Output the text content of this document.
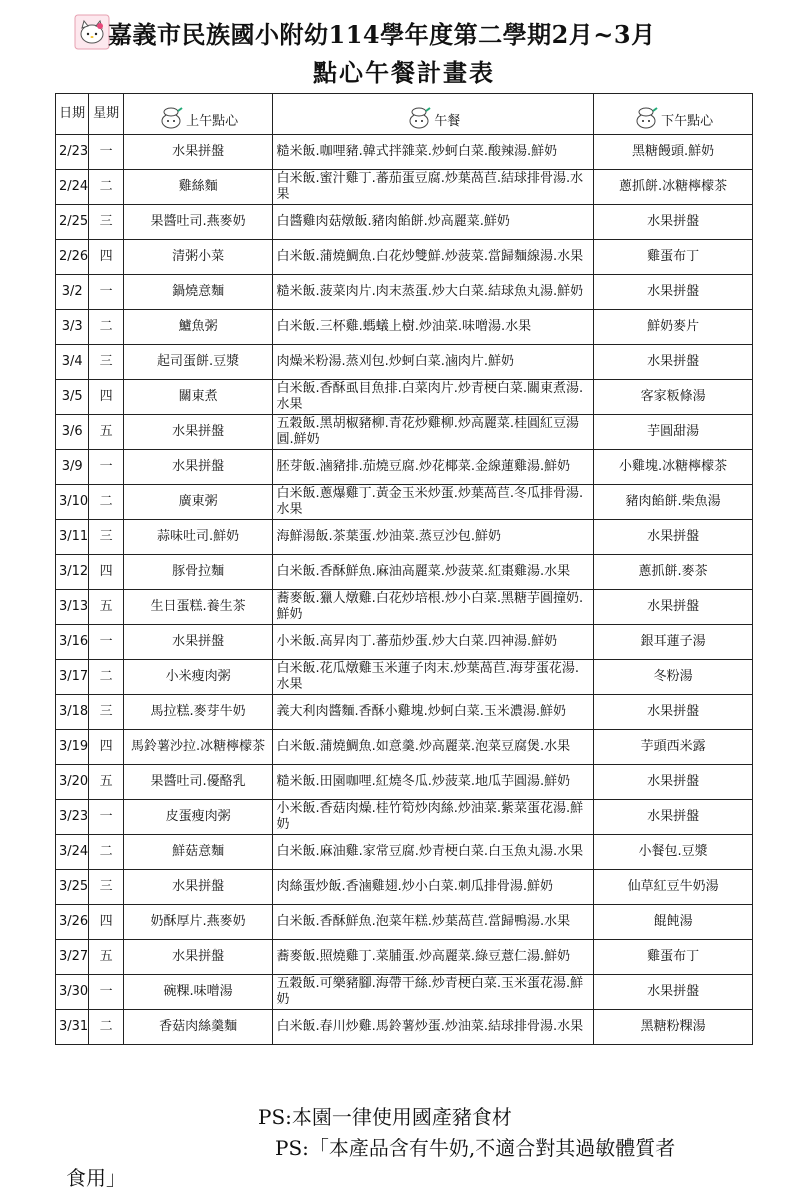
嘉義市民族國小附幼114學年度第二學期2月~3月
點心午餐計畫表
日期	星期	上午點心	午餐	下午點心

2/23	一	水果拼盤	糙米飯.咖哩豬.韓式拌雜菜.炒蚵白菜.酸辣湯.鮮奶	黑糖饅頭.鮮奶
2/24	二	雞絲麵	白米飯.蜜汁雞丁.蕃茄蛋豆腐.炒葉萵苣.結球排骨湯.水果	蔥抓餅.冰糖檸檬茶
2/25	三	果醬吐司.燕麥奶	白醬雞肉菇燉飯.豬肉餡餅.炒高麗菜.鮮奶	水果拼盤
2/26	四	清粥小菜	白米飯.蒲燒鯛魚.白花炒雙鮮.炒菠菜.當歸麵線湯.水果	雞蛋布丁
3/2	一	鍋燒意麵	糙米飯.菠菜肉片.肉末蒸蛋.炒大白菜.結球魚丸湯.鮮奶	水果拼盤
3/3	二	鱸魚粥	白米飯.三杯雞.螞蟻上樹.炒油菜.味噌湯.水果	鮮奶麥片
3/4	三	起司蛋餅.豆漿	肉燥米粉湯.蒸刈包.炒蚵白菜.滷肉片.鮮奶	水果拼盤
3/5	四	關東煮	白米飯.香酥虱目魚排.白菜肉片.炒青梗白菜.關東煮湯.水果	客家粄條湯
3/6	五	水果拼盤	五穀飯.黑胡椒豬柳.青花炒雞柳.炒高麗菜.桂圓紅豆湯圓.鮮奶	芋圓甜湯
3/9	一	水果拼盤	胚芽飯.滷豬排.茄燒豆腐.炒花椰菜.金線蓮雞湯.鮮奶	小雞塊.冰糖檸檬茶
3/10	二	廣東粥	白米飯.蔥爆雞丁.黃金玉米炒蛋.炒葉萵苣.冬瓜排骨湯.水果	豬肉餡餅.柴魚湯
3/11	三	蒜味吐司.鮮奶	海鮮湯飯.茶葉蛋.炒油菜.蒸豆沙包.鮮奶	水果拼盤
3/12	四	豚骨拉麵	白米飯.香酥鮮魚.麻油高麗菜.炒菠菜.紅棗雞湯.水果	蔥抓餅.麥茶
3/13	五	生日蛋糕.養生茶	蕎麥飯.獵人燉雞.白花炒培根.炒小白菜.黑糖芋圓撞奶.鮮奶	水果拼盤
3/16	一	水果拼盤	小米飯.高昇肉丁.蕃茄炒蛋.炒大白菜.四神湯.鮮奶	銀耳蓮子湯
3/17	二	小米瘦肉粥	白米飯.花瓜燉雞玉米蓮子肉末.炒葉萵苣.海芽蛋花湯.水果	冬粉湯
3/18	三	馬拉糕.麥芽牛奶	義大利肉醬麵.香酥小雞塊.炒蚵白菜.玉米濃湯.鮮奶	水果拼盤
3/19	四	馬鈴薯沙拉.冰糖檸檬茶	白米飯.蒲燒鯛魚.如意羹.炒高麗菜.泡菜豆腐煲.水果	芋頭西米露
3/20	五	果醬吐司.優酪乳	糙米飯.田園咖哩.紅燒冬瓜.炒菠菜.地瓜芋圓湯.鮮奶	水果拼盤
3/23	一	皮蛋瘦肉粥	小米飯.香菇肉燥.桂竹筍炒肉絲.炒油菜.紫菜蛋花湯.鮮奶	水果拼盤
3/24	二	鮮菇意麵	白米飯.麻油雞.家常豆腐.炒青梗白菜.白玉魚丸湯.水果	小餐包.豆漿
3/25	三	水果拼盤	肉絲蛋炒飯.香滷雞翅.炒小白菜.刺瓜排骨湯.鮮奶	仙草紅豆牛奶湯
3/26	四	奶酥厚片.燕麥奶	白米飯.香酥鮮魚.泡菜年糕.炒葉萵苣.當歸鴨湯.水果	餛飩湯
3/27	五	水果拼盤	蕎麥飯.照燒雞丁.菜脯蛋.炒高麗菜.綠豆薏仁湯.鮮奶	雞蛋布丁
3/30	一	碗粿.味噌湯	五穀飯.可樂豬腳.海帶干絲.炒青梗白菜.玉米蛋花湯.鮮奶	水果拼盤
3/31	二	香菇肉絲羹麵	白米飯.春川炒雞.馬鈴薯炒蛋.炒油菜.結球排骨湯.水果	黑糖粉粿湯
PS:本園一律使用國產豬食材
PS:「本產品含有牛奶,不適合對其過敏體質者
食用」
